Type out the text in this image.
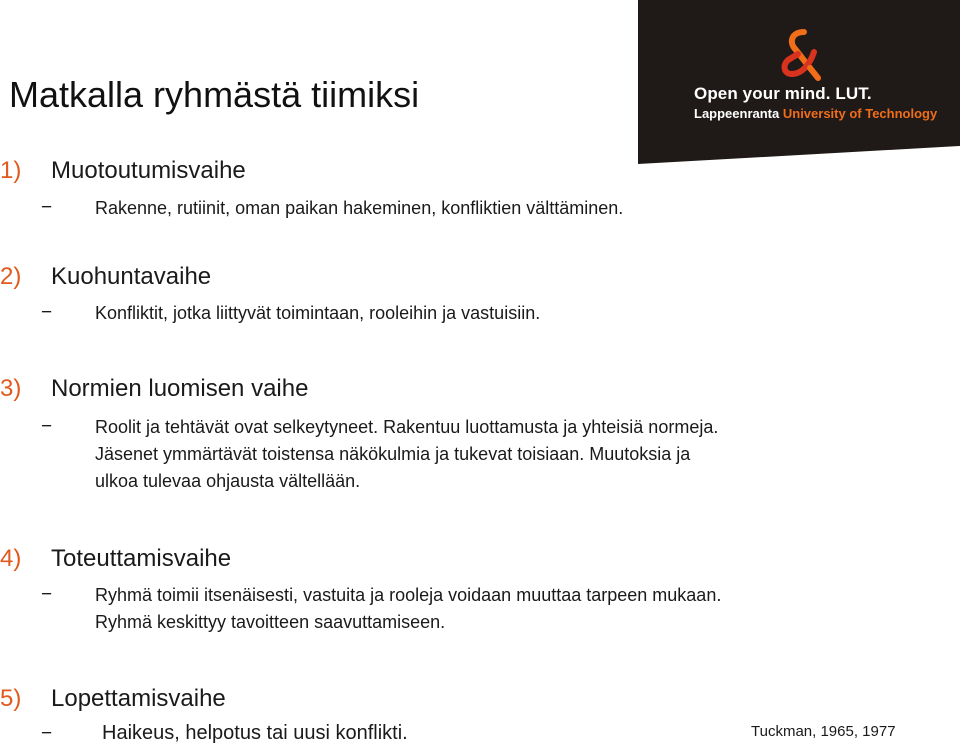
Matkalla ryhmästä tiimiksi	Open your mind. LUT.
Lappeenranta University of Technology
1) Muotoutumisvaihe
− Rakenne, rutiinit, oman paikan hakeminen, konfliktien välttäminen.
2) Kuohuntavaihe
− Konfliktit, jotka liittyvät toimintaan, rooleihin ja vastuisiin.
3) Normien luomisen vaihe
− Roolit ja tehtävät ovat selkeytyneet. Rakentuu luottamusta ja yhteisiä normeja.
Jäsenet ymmärtävät toistensa näkökulmia ja tukevat toisiaan. Muutoksia ja
ulkoa tulevaa ohjausta vältellään.
4) Toteuttamisvaihe
− Ryhmä toimii itsenäisesti, vastuita ja rooleja voidaan muuttaa tarpeen mukaan.
Ryhmä keskittyy tavoitteen saavuttamiseen.
5) Lopettamisvaihe
− Haikeus, helpotus tai uusi konflikti.	Tuckman, 1965, 1977
